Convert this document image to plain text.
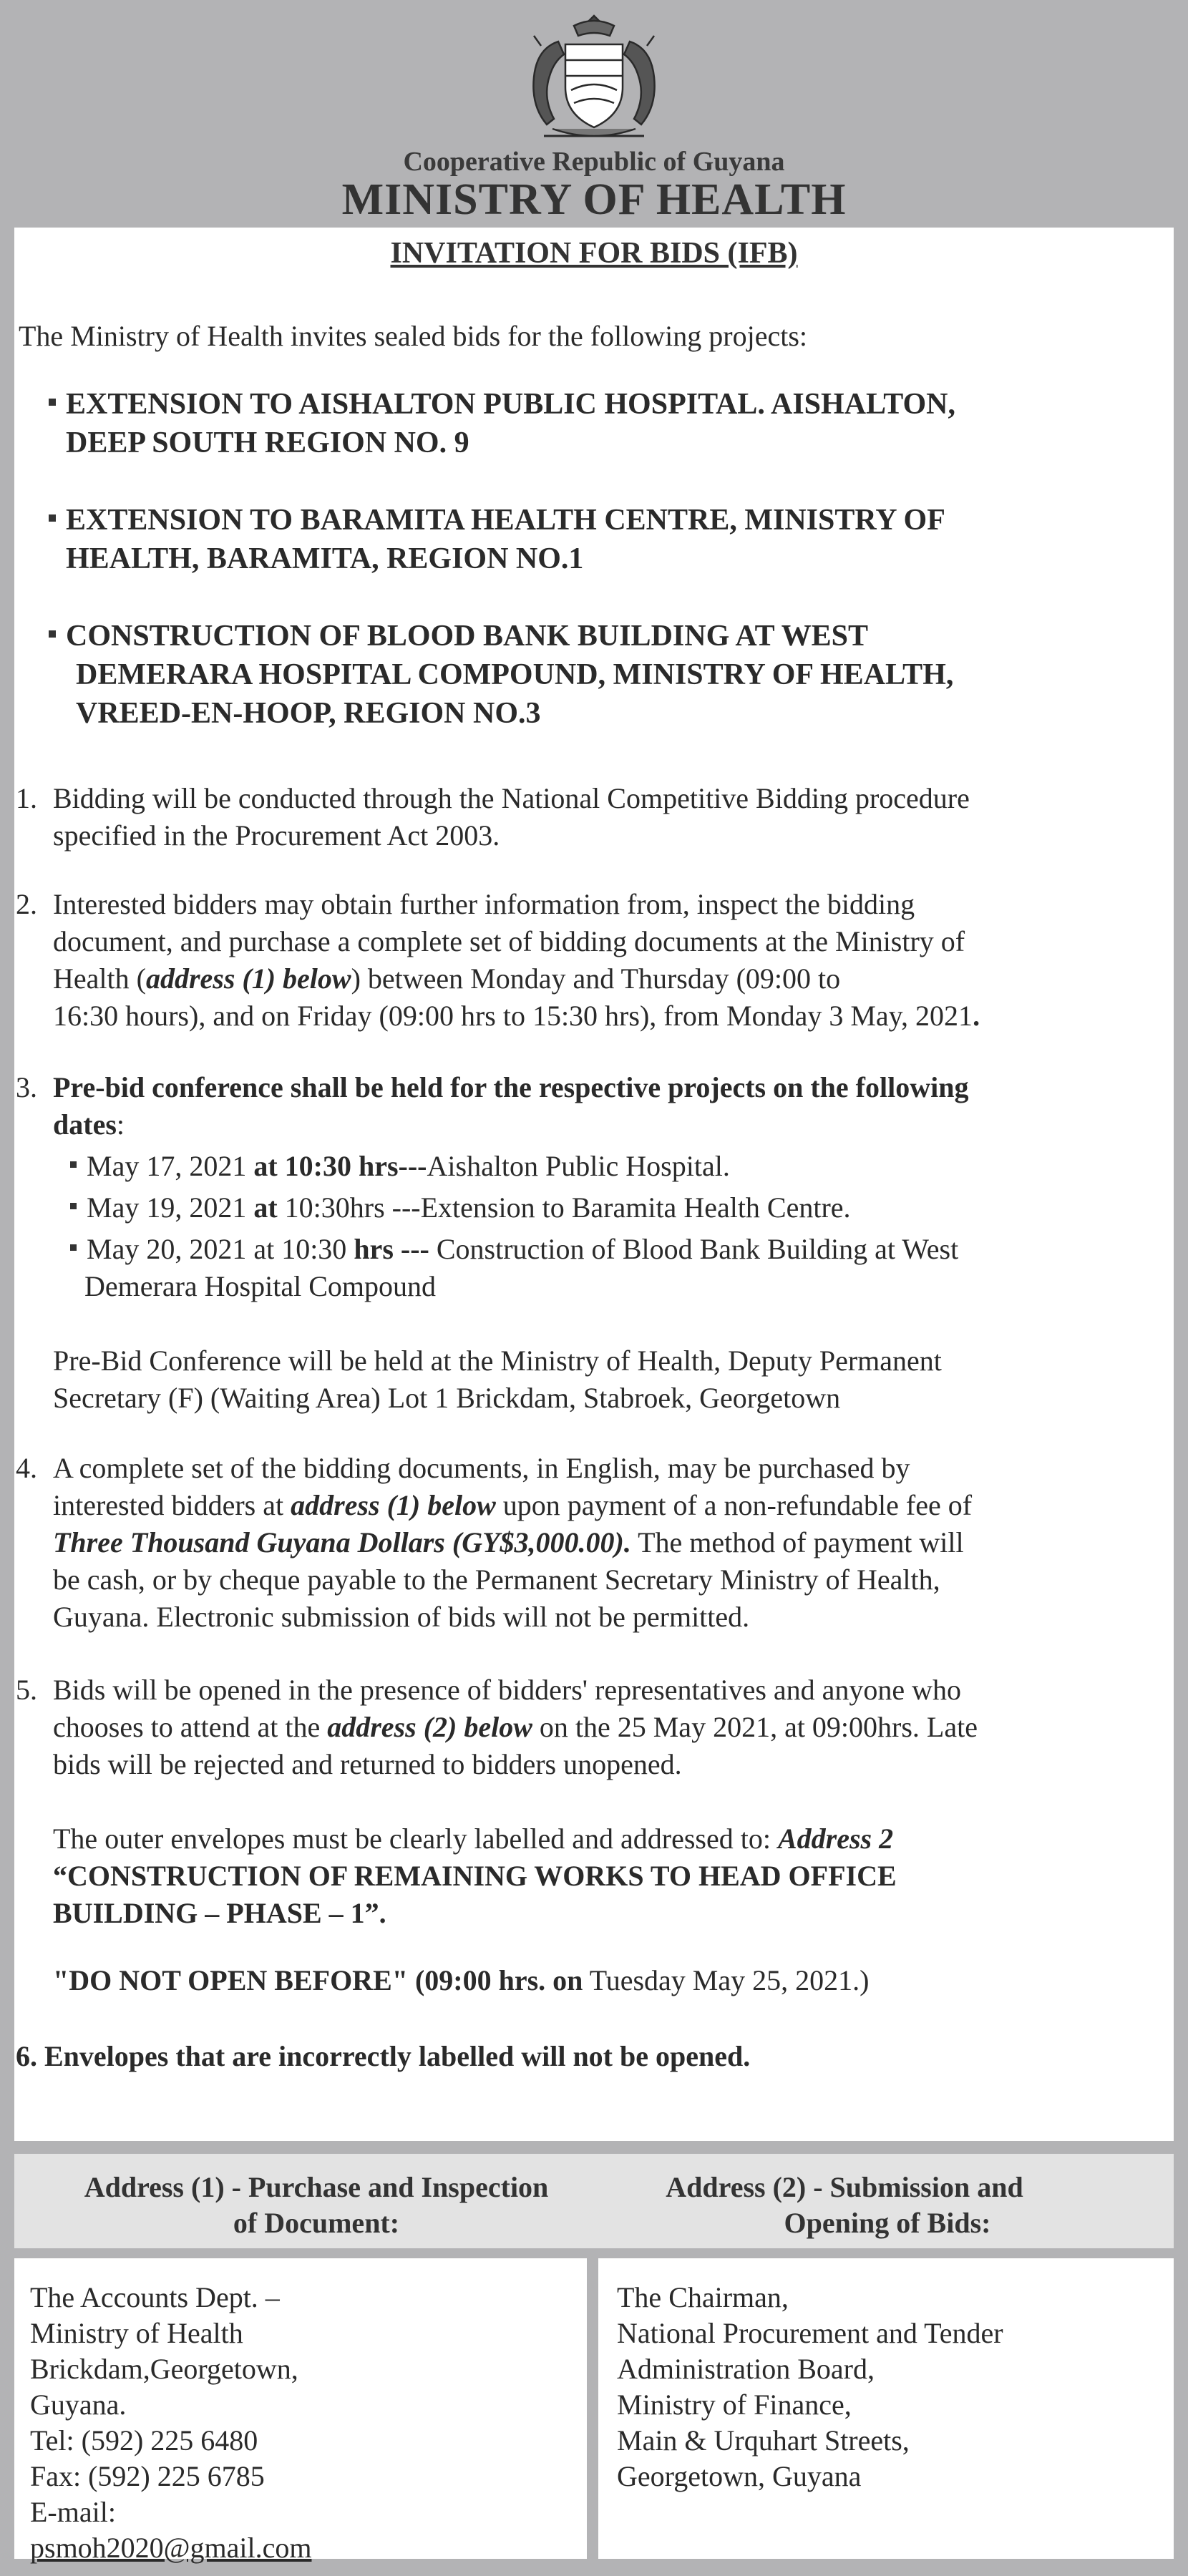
Cooperative Republic of Guyana
MINISTRY OF HEALTH
INVITATION FOR BIDS (IFB)
The Ministry of Health invites sealed bids for the following projects:
EXTENSION TO AISHALTON PUBLIC HOSPITAL. AISHALTON,
DEEP SOUTH REGION NO. 9
EXTENSION TO BARAMITA HEALTH CENTRE, MINISTRY OF
HEALTH, BARAMITA, REGION NO.1
CONSTRUCTION OF BLOOD BANK BUILDING AT WEST
DEMERARA HOSPITAL COMPOUND, MINISTRY OF HEALTH,
VREED-EN-HOOP, REGION NO.3
1. Bidding will be conducted through the National Competitive Bidding procedure
specified in the Procurement Act 2003.
2. Interested bidders may obtain further information from, inspect the bidding
document, and purchase a complete set of bidding documents at the Ministry of
Health (address (1) below) between Monday and Thursday (09:00 to
16:30 hours), and on Friday (09:00 hrs to 15:30 hrs), from Monday 3 May, 2021.
3. Pre-bid conference shall be held for the respective projects on the following
dates:
May 17, 2021 at 10:30 hrs---Aishalton Public Hospital.
May 19, 2021 at 10:30hrs ---Extension to Baramita Health Centre.
May 20, 2021 at 10:30 hrs --- Construction of Blood Bank Building at West
Demerara Hospital Compound
Pre-Bid Conference will be held at the Ministry of Health, Deputy Permanent
Secretary (F) (Waiting Area) Lot 1 Brickdam, Stabroek, Georgetown
4. A complete set of the bidding documents, in English, may be purchased by
interested bidders at address (1) below upon payment of a non-refundable fee of
Three Thousand Guyana Dollars (GY$3,000.00). The method of payment will
be cash, or by cheque payable to the Permanent Secretary Ministry of Health,
Guyana. Electronic submission of bids will not be permitted.
5. Bids will be opened in the presence of bidders' representatives and anyone who
chooses to attend at the address (2) below on the 25 May 2021, at 09:00hrs. Late
bids will be rejected and returned to bidders unopened.
The outer envelopes must be clearly labelled and addressed to: Address 2
“CONSTRUCTION OF REMAINING WORKS TO HEAD OFFICE
BUILDING – PHASE – 1”.
"DO NOT OPEN BEFORE" (09:00 hrs. on Tuesday May 25, 2021.)
6. Envelopes that are incorrectly labelled will not be opened.
Address (1) - Purchase and Inspection
of Document:
Address (2) - Submission and
Opening of Bids:
The Accounts Dept. –
Ministry of Health
Brickdam,Georgetown,
Guyana.
Tel: (592) 225 6480
Fax: (592) 225 6785
E-mail:
psmoh2020@gmail.com
The Chairman,
National Procurement and Tender
Administration Board,
Ministry of Finance,
Main & Urquhart Streets,
Georgetown, Guyana
